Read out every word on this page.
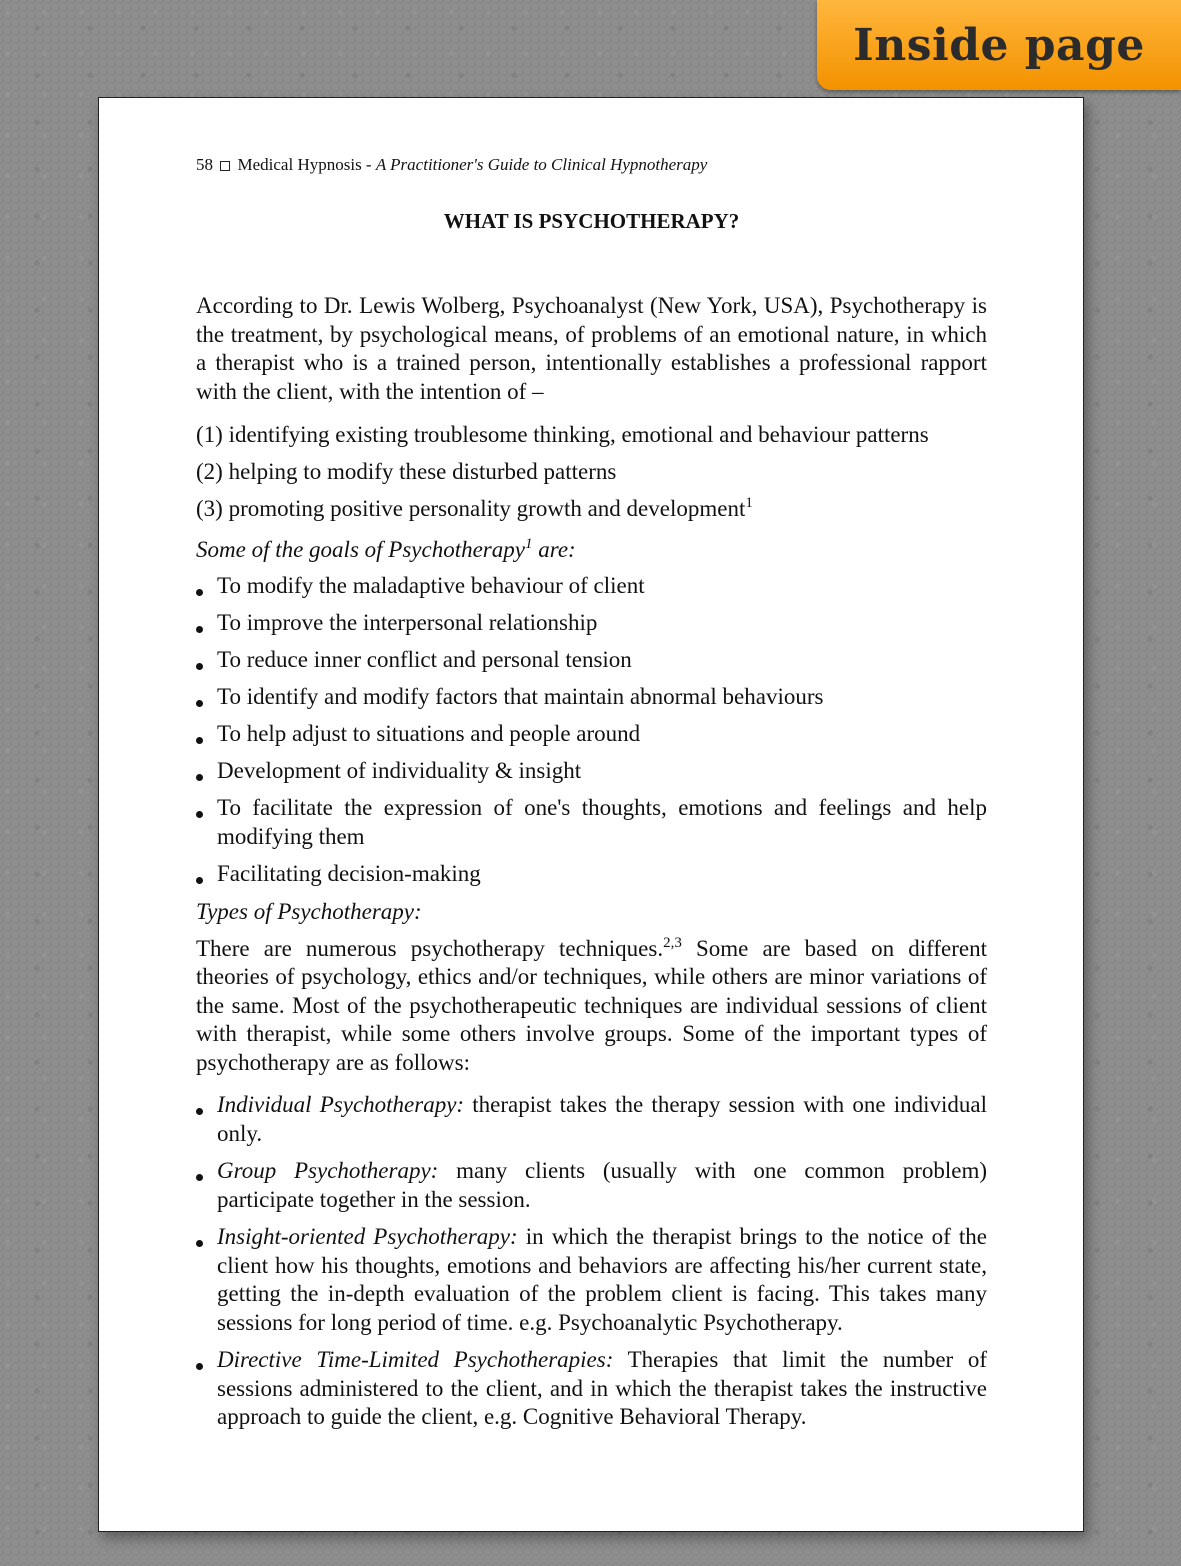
Inside page

58 Medical Hypnosis - A Practitioner's Guide to Clinical Hypnotherapy

WHAT IS PSYCHOTHERAPY?

According to Dr. Lewis Wolberg, Psychoanalyst (New York, USA), Psychotherapy is the treatment, by psychological means, of problems of an emotional nature, in which a therapist who is a trained person, intentionally establishes a professional rapport with the client, with the intention of –

(1) identifying existing troublesome thinking, emotional and behaviour patterns
(2) helping to modify these disturbed patterns
(3) promoting positive personality growth and development$^1$

Some of the goals of Psychotherapy$^1$ are:

To modify the maladaptive behaviour of client
To improve the interpersonal relationship
To reduce inner conflict and personal tension
To identify and modify factors that maintain abnormal behaviours
To help adjust to situations and people around
Development of individuality & insight
To facilitate the expression of one's thoughts, emotions and feelings and help modifying them
Facilitating decision-making

Types of Psychotherapy:

There are numerous psychotherapy techniques.$^{2,3}$ Some are based on different theories of psychology, ethics and/or techniques, while others are minor variations of the same. Most of the psychotherapeutic techniques are individual sessions of client with therapist, while some others involve groups. Some of the important types of psychotherapy are as follows:

Individual Psychotherapy: therapist takes the therapy session with one individual only.
Group Psychotherapy: many clients (usually with one common problem) participate together in the session.
Insight-oriented Psychotherapy: in which the therapist brings to the notice of the client how his thoughts, emotions and behaviors are affecting his/her current state, getting the in-depth evaluation of the problem client is facing. This takes many sessions for long period of time. e.g. Psychoanalytic Psychotherapy.
Directive Time-Limited Psychotherapies: Therapies that limit the number of sessions administered to the client, and in which the therapist takes the instructive approach to guide the client, e.g. Cognitive Behavioral Therapy.
